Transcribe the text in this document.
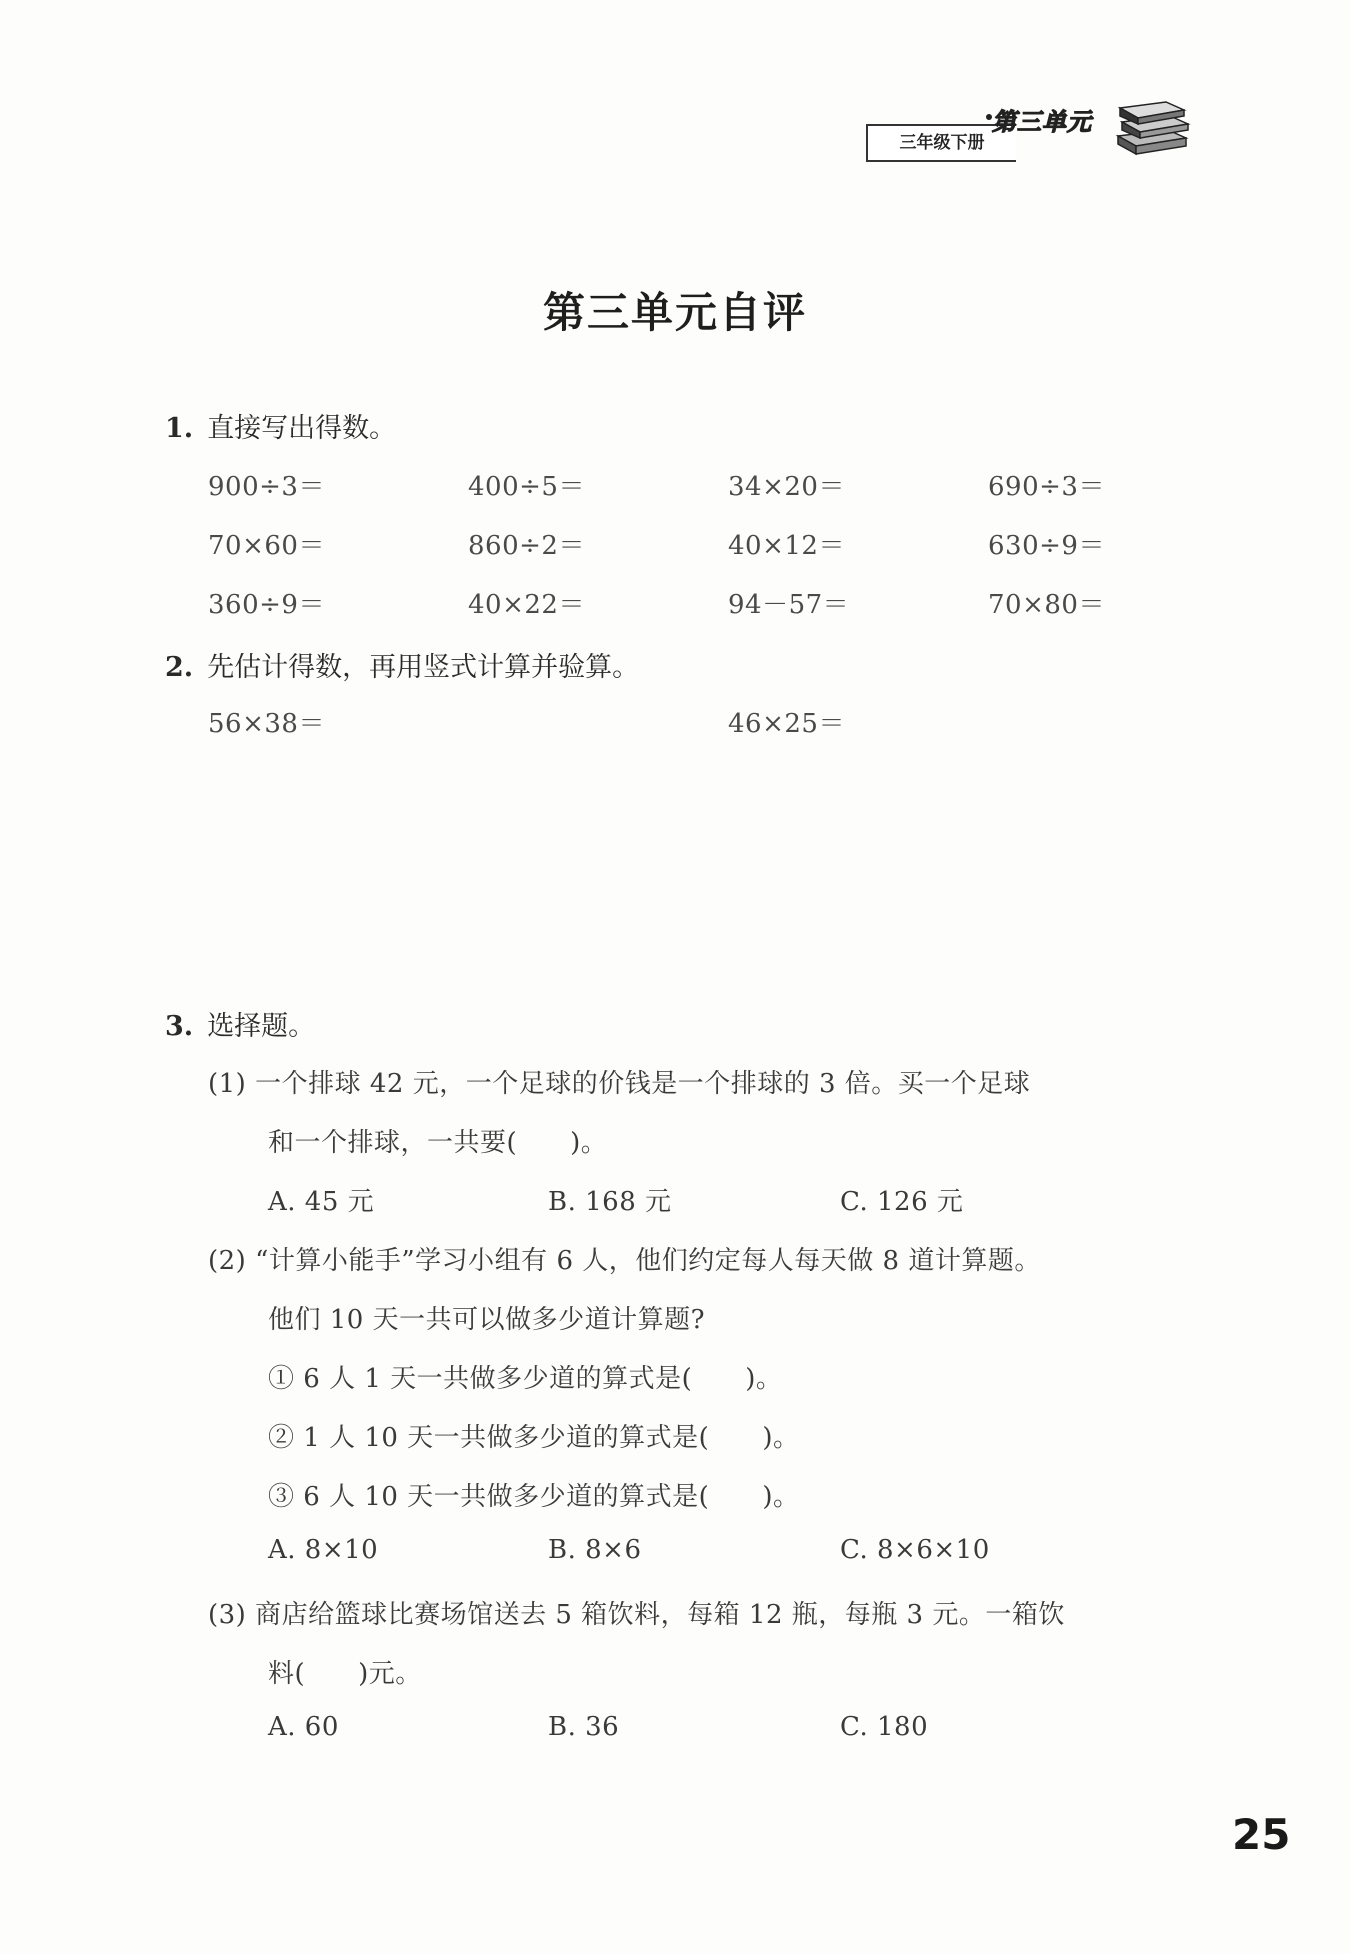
三年级下册
第三单元
第三单元自评
1. 直接写出得数。
900÷3＝	400÷5＝	34×20＝	690÷3＝
70×60＝	860÷2＝	40×12＝	630÷9＝
360÷9＝	40×22＝	94－57＝	70×80＝
2. 先估计得数，再用竖式计算并验算。
56×38＝	46×25＝
3. 选择题。
(1) 一个排球 42 元，一个足球的价钱是一个排球的 3 倍。买一个足球
和一个排球，一共要(　　)。
A. 45 元	B. 168 元	C. 126 元
(2) “计算小能手”学习小组有 6 人，他们约定每人每天做 8 道计算题。
他们 10 天一共可以做多少道计算题?
① 6 人 1 天一共做多少道的算式是(　　)。
② 1 人 10 天一共做多少道的算式是(　　)。
③ 6 人 10 天一共做多少道的算式是(　　)。
A. 8×10	B. 8×6	C. 8×6×10
(3) 商店给篮球比赛场馆送去 5 箱饮料，每箱 12 瓶，每瓶 3 元。一箱饮
料(　　)元。
A. 60	B. 36	C. 180
25
